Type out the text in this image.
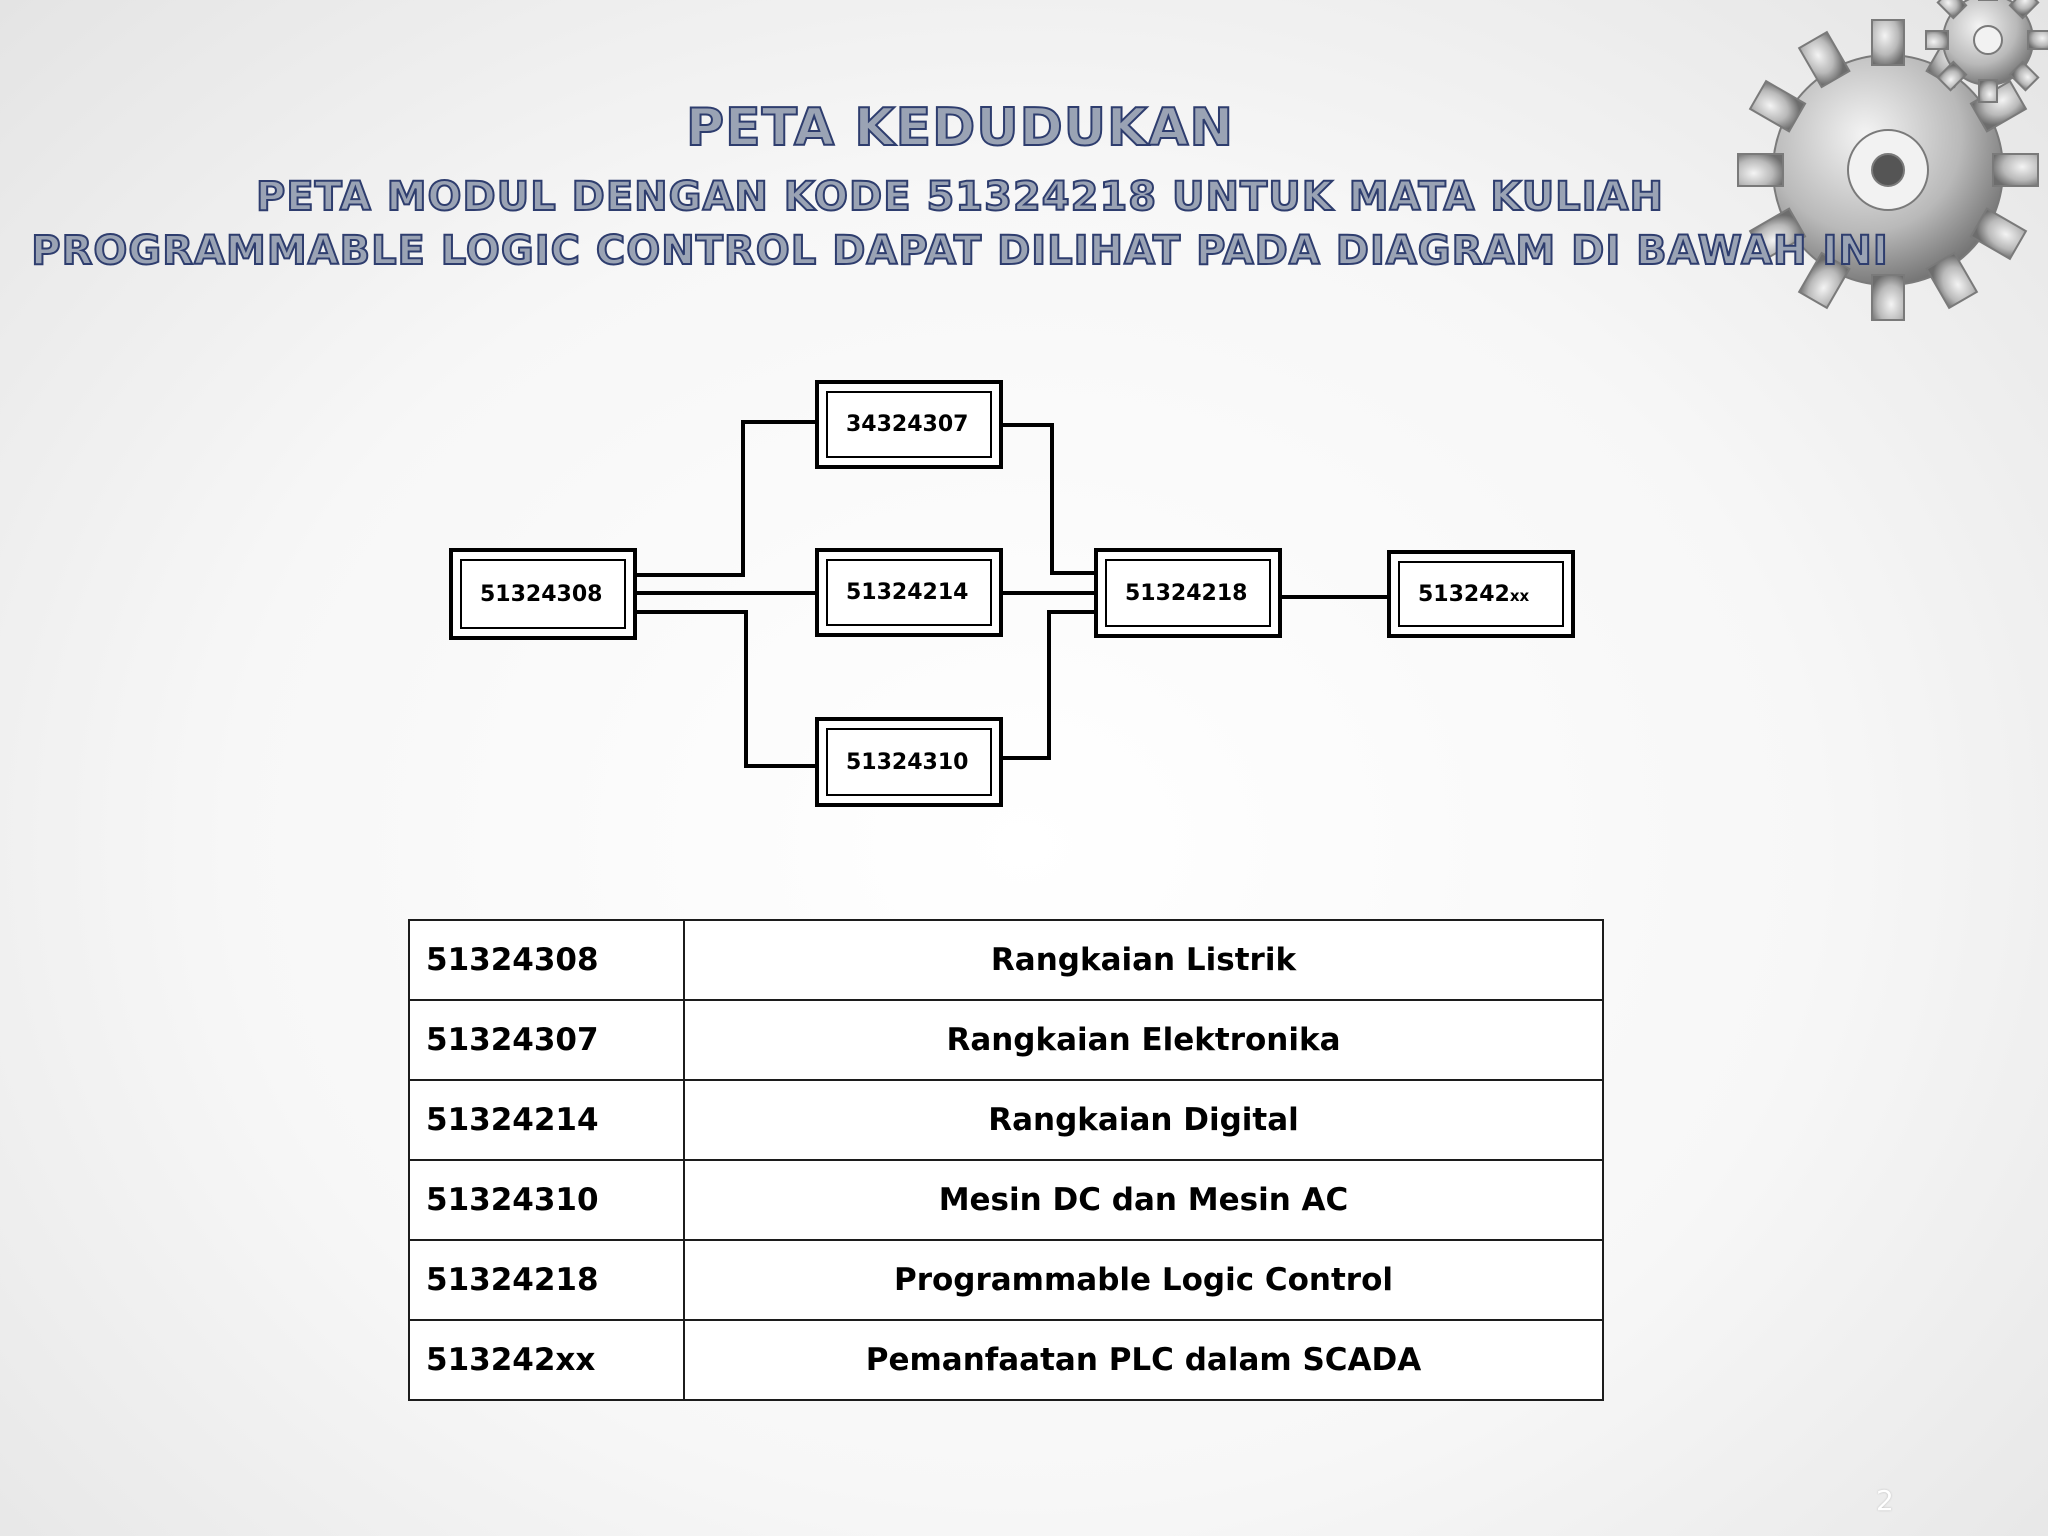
PETA KEDUDUKAN
PETA MODUL DENGAN KODE 51324218 UNTUK MATA KULIAH
PROGRAMMABLE LOGIC CONTROL DAPAT DILIHAT PADA DIAGRAM DI BAWAH INI
51324308
34324307
51324214
51324310
51324218	513242xx
51324308	Rangkaian Listrik
51324307	Rangkaian Elektronika
51324214	Rangkaian Digital
51324310	Mesin DC dan Mesin AC
51324218	Programmable Logic Control
513242xx	Pemanfaatan PLC dalam SCADA
2
